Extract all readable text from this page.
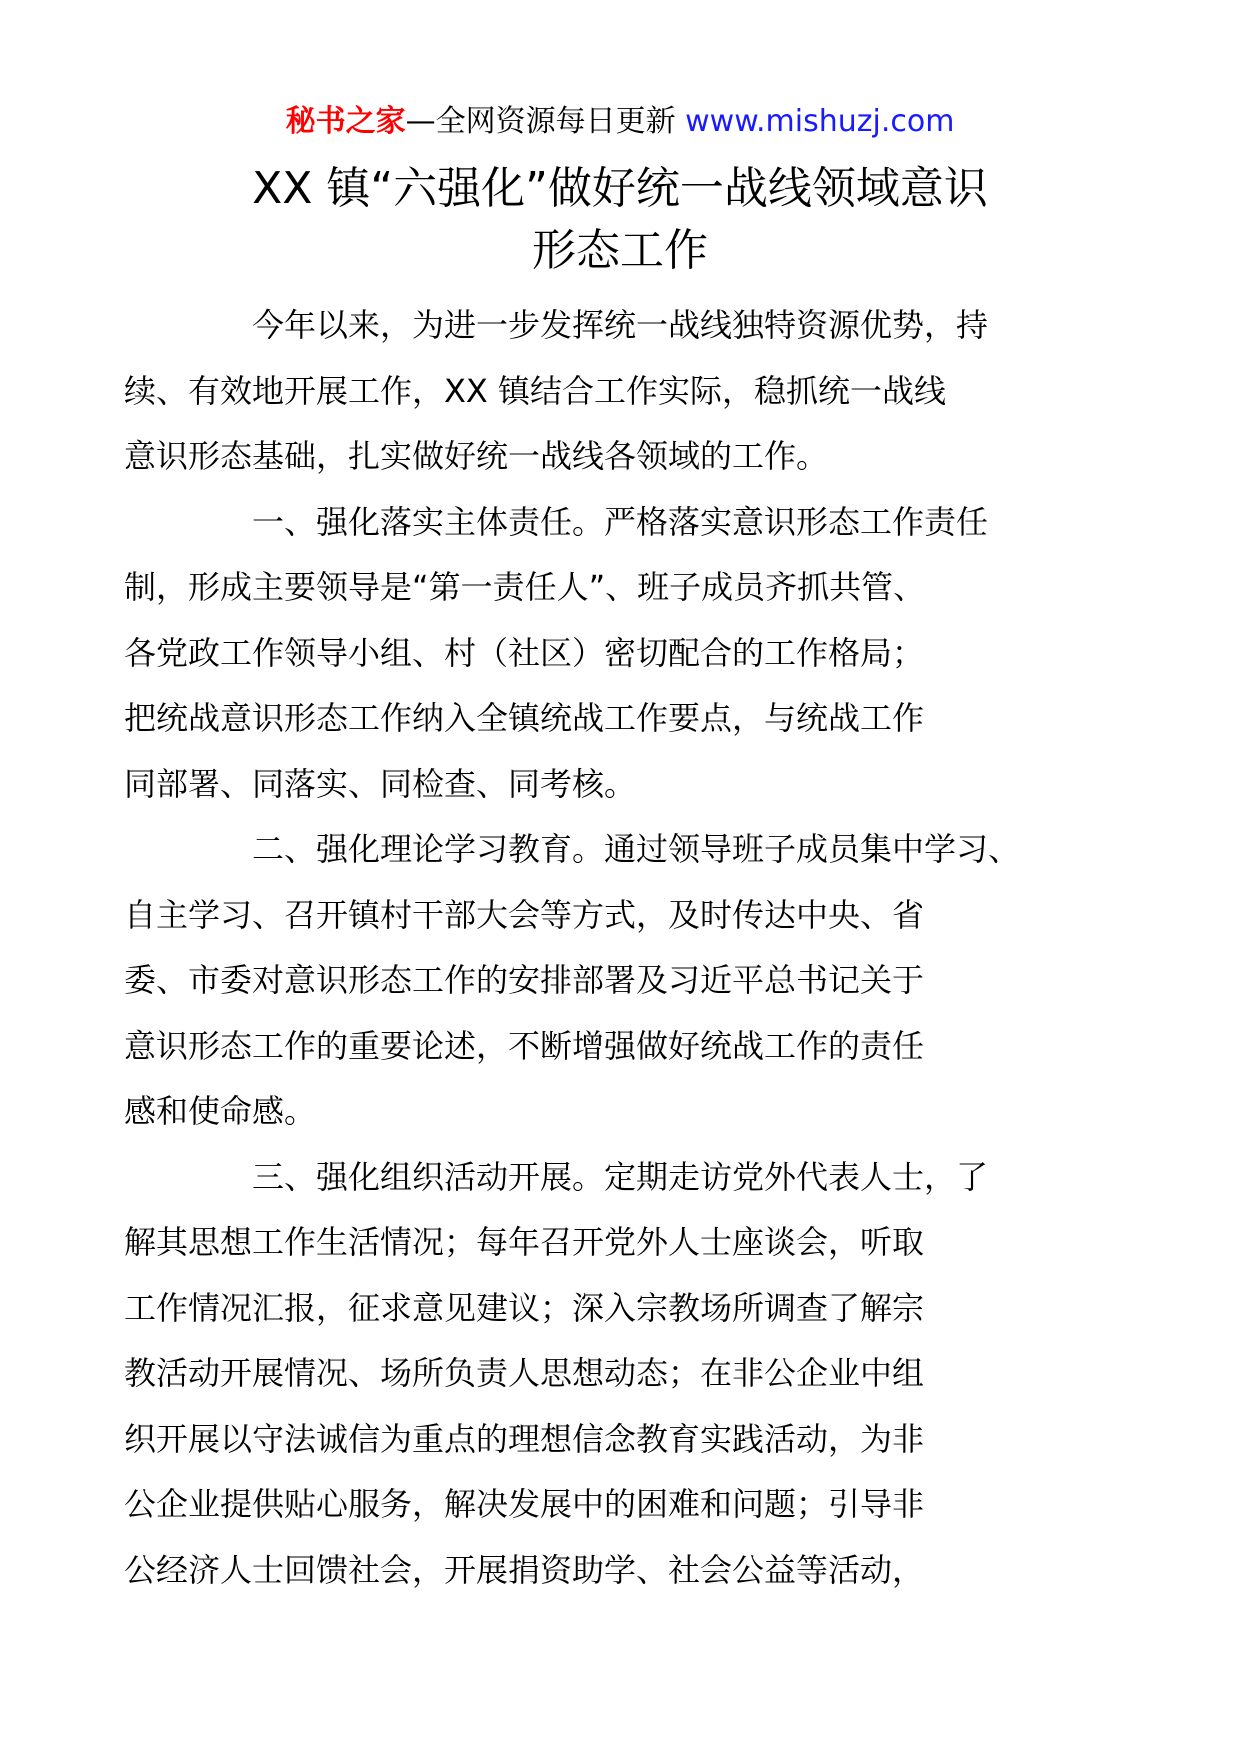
秘书之家—全网资源每日更新 www.mishuzj.com
XX 镇“六强化”做好统一战线领域意识
形态工作

今年以来，为进一步发挥统一战线独特资源优势，持
续、有效地开展工作，XX 镇结合工作实际，稳抓统一战线
意识形态基础，扎实做好统一战线各领域的工作。

一、强化落实主体责任。严格落实意识形态工作责任
制，形成主要领导是“第一责任人”、班子成员齐抓共管、
各党政工作领导小组、村（社区）密切配合的工作格局；
把统战意识形态工作纳入全镇统战工作要点，与统战工作
同部署、同落实、同检查、同考核。

二、强化理论学习教育。通过领导班子成员集中学习、
自主学习、召开镇村干部大会等方式，及时传达中央、省
委、市委对意识形态工作的安排部署及习近平总书记关于
意识形态工作的重要论述，不断增强做好统战工作的责任
感和使命感。

三、强化组织活动开展。定期走访党外代表人士，了
解其思想工作生活情况；每年召开党外人士座谈会，听取
工作情况汇报，征求意见建议；深入宗教场所调查了解宗
教活动开展情况、场所负责人思想动态；在非公企业中组
织开展以守法诚信为重点的理想信念教育实践活动，为非
公企业提供贴心服务，解决发展中的困难和问题；引导非
公经济人士回馈社会，开展捐资助学、社会公益等活动，
